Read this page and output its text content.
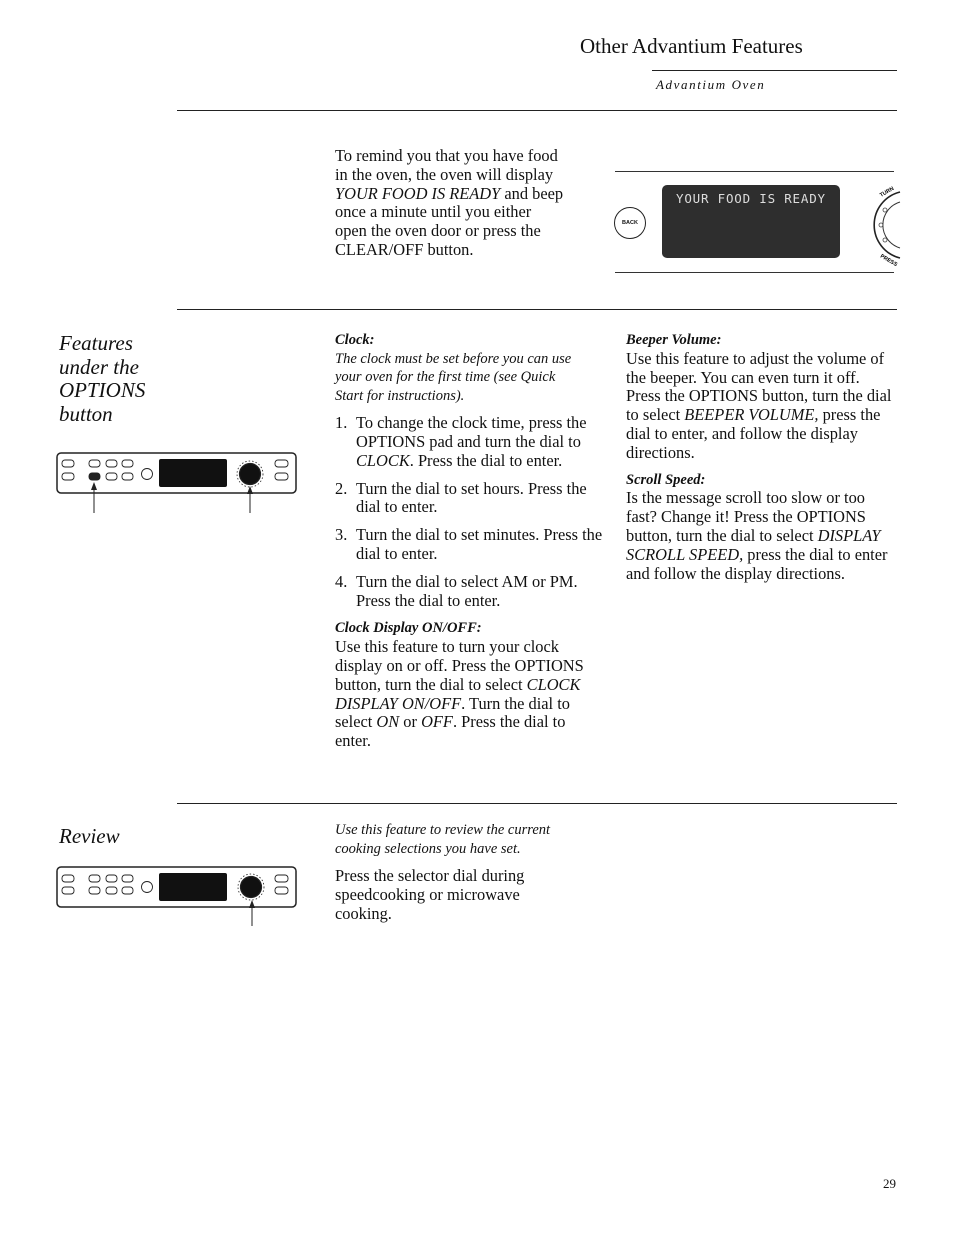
Other Advantium Features
Advantium Oven
To remind you that you have food
in the oven, the oven will display
YOUR FOOD IS READY and beep
once a minute until you either
open the oven door or press the
CLEAR/OFF button.
BACK
YOUR FOOD IS READY	TURN
PRESS
Features
under the
OPTIONS
button
Clock:
The clock must be set before you can use
your oven for the first time (see Quick
Start for instructions).
1. To change the clock time, press the OPTIONS pad and turn the dial to CLOCK. Press the dial to enter.
2. Turn the dial to set hours. Press the dial to enter.
3. Turn the dial to set minutes. Press the dial to enter.
4. Turn the dial to select AM or PM. Press the dial to enter.
Clock Display ON/OFF:

Use this feature to turn your clock display on or off. Press the OPTIONS button, turn the dial to select CLOCK DISPLAY ON/OFF. Turn the dial to select ON or OFF. Press the dial to enter.

Beeper Volume:

Use this feature to adjust the volume of the beeper. You can even turn it off. Press the OPTIONS button, turn the dial to select BEEPER VOLUME, press the dial to enter, and follow the display directions.

Scroll Speed:

Is the message scroll too slow or too fast? Change it! Press the OPTIONS button, turn the dial to select DISPLAY SCROLL SPEED, press the dial to enter and follow the display directions.

Review	Use this feature to review the current
cooking selections you have set.
Press the selector dial during
speedcooking or microwave
cooking.
29
